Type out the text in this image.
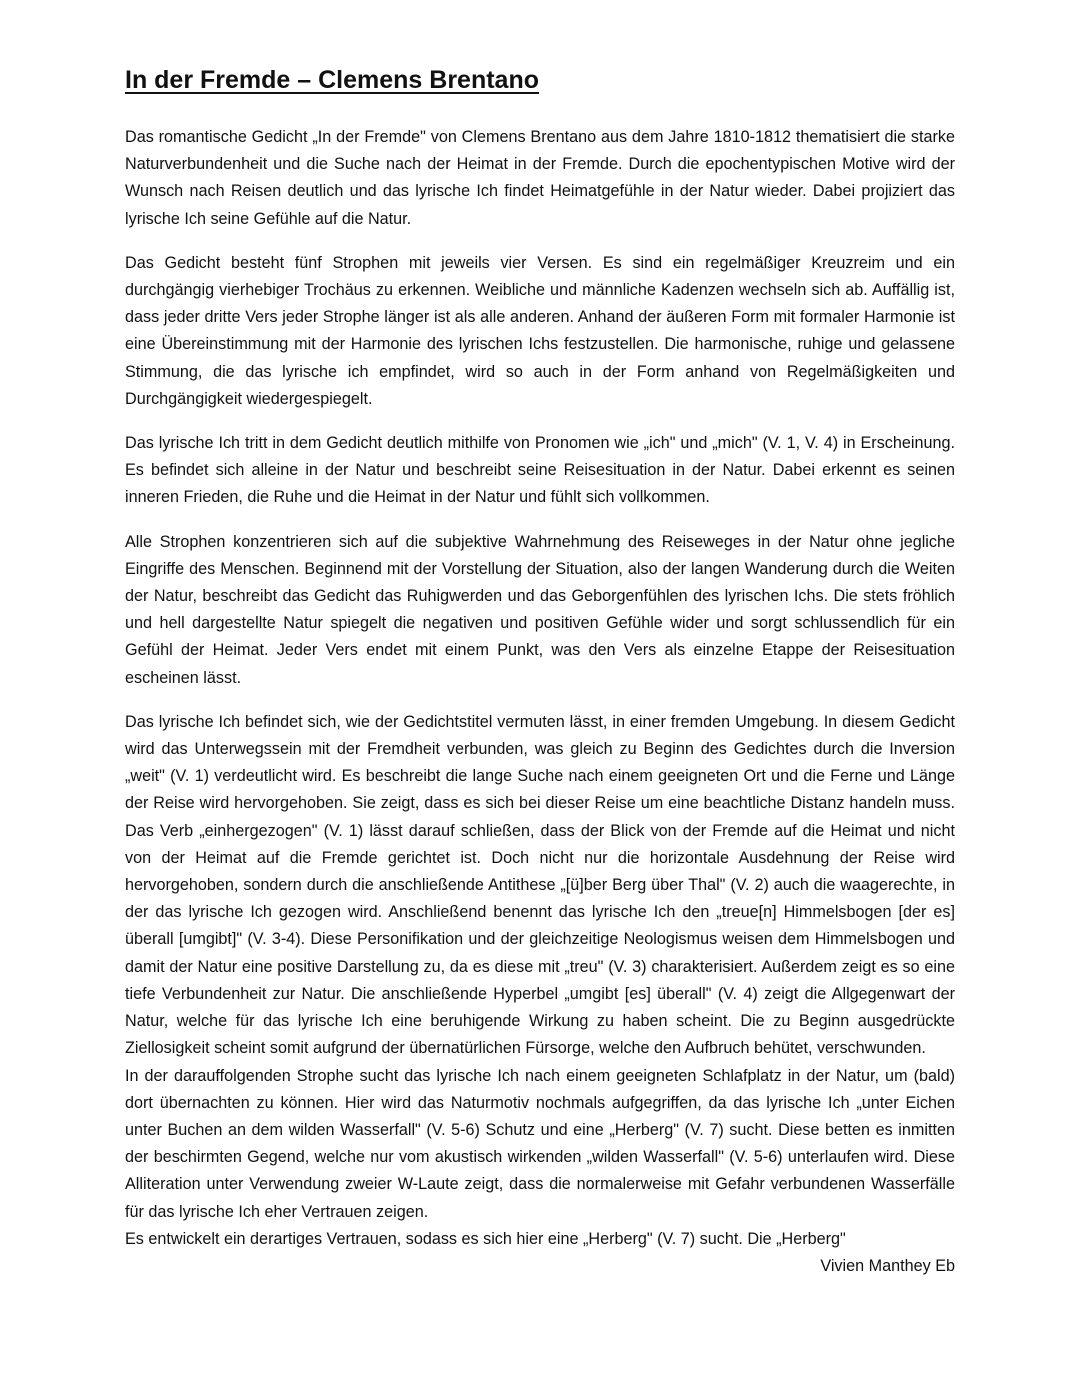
In der Fremde – Clemens Brentano

Das romantische Gedicht „In der Fremde" von Clemens Brentano aus dem Jahre 1810-1812 thematisiert die starke Naturverbundenheit und die Suche nach der Heimat in der Fremde. Durch die epochentypischen Motive wird der Wunsch nach Reisen deutlich und das lyrische Ich findet Heimatgefühle in der Natur wieder. Dabei projiziert das lyrische Ich seine Gefühle auf die Natur.

Das Gedicht besteht fünf Strophen mit jeweils vier Versen. Es sind ein regelmäßiger Kreuzreim und ein durchgängig vierhebiger Trochäus zu erkennen. Weibliche und männliche Kadenzen wechseln sich ab. Auffällig ist, dass jeder dritte Vers jeder Strophe länger ist als alle anderen. Anhand der äußeren Form mit formaler Harmonie ist eine Übereinstimmung mit der Harmonie des lyrischen Ichs festzustellen. Die harmonische, ruhige und gelassene Stimmung, die das lyrische ich empfindet, wird so auch in der Form anhand von Regelmäßigkeiten und Durchgängigkeit wiedergespiegelt.

Das lyrische Ich tritt in dem Gedicht deutlich mithilfe von Pronomen wie „ich" und „mich" (V. 1, V. 4) in Erscheinung. Es befindet sich alleine in der Natur und beschreibt seine Reisesituation in der Natur. Dabei erkennt es seinen inneren Frieden, die Ruhe und die Heimat in der Natur und fühlt sich vollkommen.

Alle Strophen konzentrieren sich auf die subjektive Wahrnehmung des Reiseweges in der Natur ohne jegliche Eingriffe des Menschen. Beginnend mit der Vorstellung der Situation, also der langen Wanderung durch die Weiten der Natur, beschreibt das Gedicht das Ruhigwerden und das Geborgenfühlen des lyrischen Ichs. Die stets fröhlich und hell dargestellte Natur spiegelt die negativen und positiven Gefühle wider und sorgt schlussendlich für ein Gefühl der Heimat. Jeder Vers endet mit einem Punkt, was den Vers als einzelne Etappe der Reisesituation escheinen lässt.

Das lyrische Ich befindet sich, wie der Gedichtstitel vermuten lässt, in einer fremden Umgebung. In diesem Gedicht wird das Unterwegssein mit der Fremdheit verbunden, was gleich zu Beginn des Gedichtes durch die Inversion „weit" (V. 1) verdeutlicht wird. Es beschreibt die lange Suche nach einem geeigneten Ort und die Ferne und Länge der Reise wird hervorgehoben. Sie zeigt, dass es sich bei dieser Reise um eine beachtliche Distanz handeln muss. Das Verb „einhergezogen" (V. 1) lässt darauf schließen, dass der Blick von der Fremde auf die Heimat und nicht von der Heimat auf die Fremde gerichtet ist. Doch nicht nur die horizontale Ausdehnung der Reise wird hervorgehoben, sondern durch die anschließende Antithese „[ü]ber Berg über Thal" (V. 2) auch die waagerechte, in der das lyrische Ich gezogen wird. Anschließend benennt das lyrische Ich den „treue[n] Himmelsbogen [der es] überall [umgibt]" (V. 3-4). Diese Personifikation und der gleichzeitige Neologismus weisen dem Himmelsbogen und damit der Natur eine positive Darstellung zu, da es diese mit „treu" (V. 3) charakterisiert. Außerdem zeigt es so eine tiefe Verbundenheit zur Natur. Die anschließende Hyperbel „umgibt [es] überall" (V. 4) zeigt die Allgegenwart der Natur, welche für das lyrische Ich eine beruhigende Wirkung zu haben scheint. Die zu Beginn ausgedrückte Ziellosigkeit scheint somit aufgrund der übernatürlichen Fürsorge, welche den Aufbruch behütet, verschwunden.

In der darauffolgenden Strophe sucht das lyrische Ich nach einem geeigneten Schlafplatz in der Natur, um (bald) dort übernachten zu können. Hier wird das Naturmotiv nochmals aufgegriffen, da das lyrische Ich „unter Eichen unter Buchen an dem wilden Wasserfall" (V. 5-6) Schutz und eine „Herberg" (V. 7) sucht. Diese betten es inmitten der beschirmten Gegend, welche nur vom akustisch wirkenden „wilden Wasserfall" (V. 5-6) unterlaufen wird. Diese Alliteration unter Verwendung zweier W-Laute zeigt, dass die normalerweise mit Gefahr verbundenen Wasserfälle für das lyrische Ich eher Vertrauen zeigen.

Es entwickelt ein derartiges Vertrauen, sodass es sich hier eine „Herberg" (V. 7) sucht. Die „Herberg"

Vivien Manthey Eb
